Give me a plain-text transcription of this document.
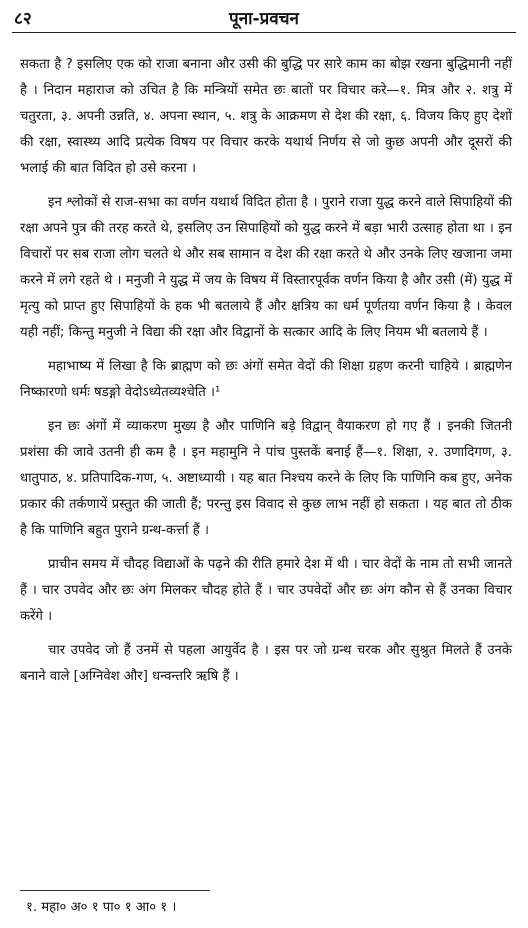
८२	पूना-प्रवचन

सकता है ? इसलिए एक को राजा बनाना और उसी की बुद्धि पर सारे काम का बोझ रखना बुद्धिमानी नहीं है । निदान महाराज को उचित है कि मन्त्रियों समेत छः बातों पर विचार करे—१. मित्र और २. शत्रु में चतुरता, ३. अपनी उन्नति, ४. अपना स्थान, ५. शत्रु के आक्रमण से देश की रक्षा, ६. विजय किए हुए देशों की रक्षा, स्वास्थ्य आदि प्रत्येक विषय पर विचार करके यथार्थ निर्णय से जो कुछ अपनी और दूसरों की भलाई की बात विदित हो उसे करना ।

इन श्लोकों से राज-सभा का वर्णन यथार्थ विदित होता है । पुराने राजा युद्ध करने वाले सिपाहियों की रक्षा अपने पुत्र की तरह करते थे, इसलिए उन सिपाहियों को युद्ध करने में बड़ा भारी उत्साह होता था । इन विचारों पर सब राजा लोग चलते थे और सब सामान व देश की रक्षा करते थे और उनके लिए खजाना जमा करने में लगे रहते थे । मनुजी ने युद्ध में जय के विषय में विस्तारपूर्वक वर्णन किया है और उसी (में) युद्ध में मृत्यु को प्राप्त हुए सिपाहियों के हक भी बतलाये हैं और क्षत्रिय का धर्म पूर्णतया वर्णन किया है । केवल यही नहीं; किन्तु मनुजी ने विद्या की रक्षा और विद्वानों के सत्कार आदि के लिए नियम भी बतलाये हैं ।

महाभाष्य में लिखा है कि ब्राह्मण को छः अंगों समेत वेदों की शिक्षा ग्रहण करनी चाहिये । ब्राह्मणेन निष्कारणो धर्मः षडङ्गो वेदोऽध्येतव्यश्चेति ।¹

इन छः अंगों में व्याकरण मुख्य है और पाणिनि बड़े विद्वान् वैयाकरण हो गए हैं । इनकी जितनी प्रशंसा की जावे उतनी ही कम है । इन महामुनि ने पांच पुस्तकें बनाई हैं—१. शिक्षा, २. उणादिगण, ३. धातुपाठ, ४. प्रतिपादिक-गण, ५. अष्टाध्यायी । यह बात निश्चय करने के लिए कि पाणिनि कब हुए, अनेक प्रकार की तर्कणायें प्रस्तुत की जाती हैं; परन्तु इस विवाद से कुछ लाभ नहीं हो सकता । यह बात तो ठीक है कि पाणिनि बहुत पुराने ग्रन्थ-कर्त्ता हैं ।

प्राचीन समय में चौदह विद्याओं के पढ़ने की रीति हमारे देश में थी । चार वेदों के नाम तो सभी जानते हैं । चार उपवेद और छः अंग मिलकर चौदह होते हैं । चार उपवेदों और छः अंग कौन से हैं उनका विचार करेंगे ।

चार उपवेद जो हैं उनमें से पहला आयुर्वेद है । इस पर जो ग्रन्थ चरक और सुश्रुत मिलते हैं उनके बनाने वाले [अग्निवेश और] धन्वन्तरि ऋषि हैं ।

१. महा० अ० १ पा० १ आ० १ ।
